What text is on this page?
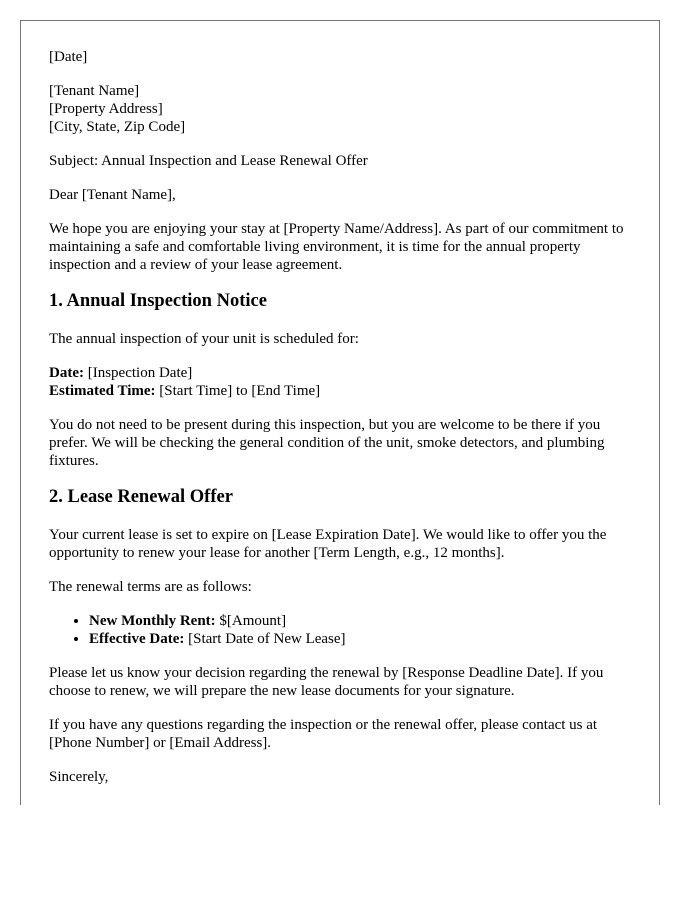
[Date]

[Tenant Name]
[Property Address]
[City, State, Zip Code]

Subject: Annual Inspection and Lease Renewal Offer

Dear [Tenant Name],

We hope you are enjoying your stay at [Property Name/Address]. As part of our commitment to maintaining a safe and comfortable living environment, it is time for the annual property inspection and a review of your lease agreement.

1. Annual Inspection Notice

The annual inspection of your unit is scheduled for:

Date: [Inspection Date]
Estimated Time: [Start Time] to [End Time]

You do not need to be present during this inspection, but you are welcome to be there if you prefer. We will be checking the general condition of the unit, smoke detectors, and plumbing fixtures.

2. Lease Renewal Offer

Your current lease is set to expire on [Lease Expiration Date]. We would like to offer you the opportunity to renew your lease for another [Term Length, e.g., 12 months].

The renewal terms are as follows:

• New Monthly Rent: $[Amount]
• Effective Date: [Start Date of New Lease]

Please let us know your decision regarding the renewal by [Response Deadline Date]. If you choose to renew, we will prepare the new lease documents for your signature.

If you have any questions regarding the inspection or the renewal offer, please contact us at [Phone Number] or [Email Address].

Sincerely,
